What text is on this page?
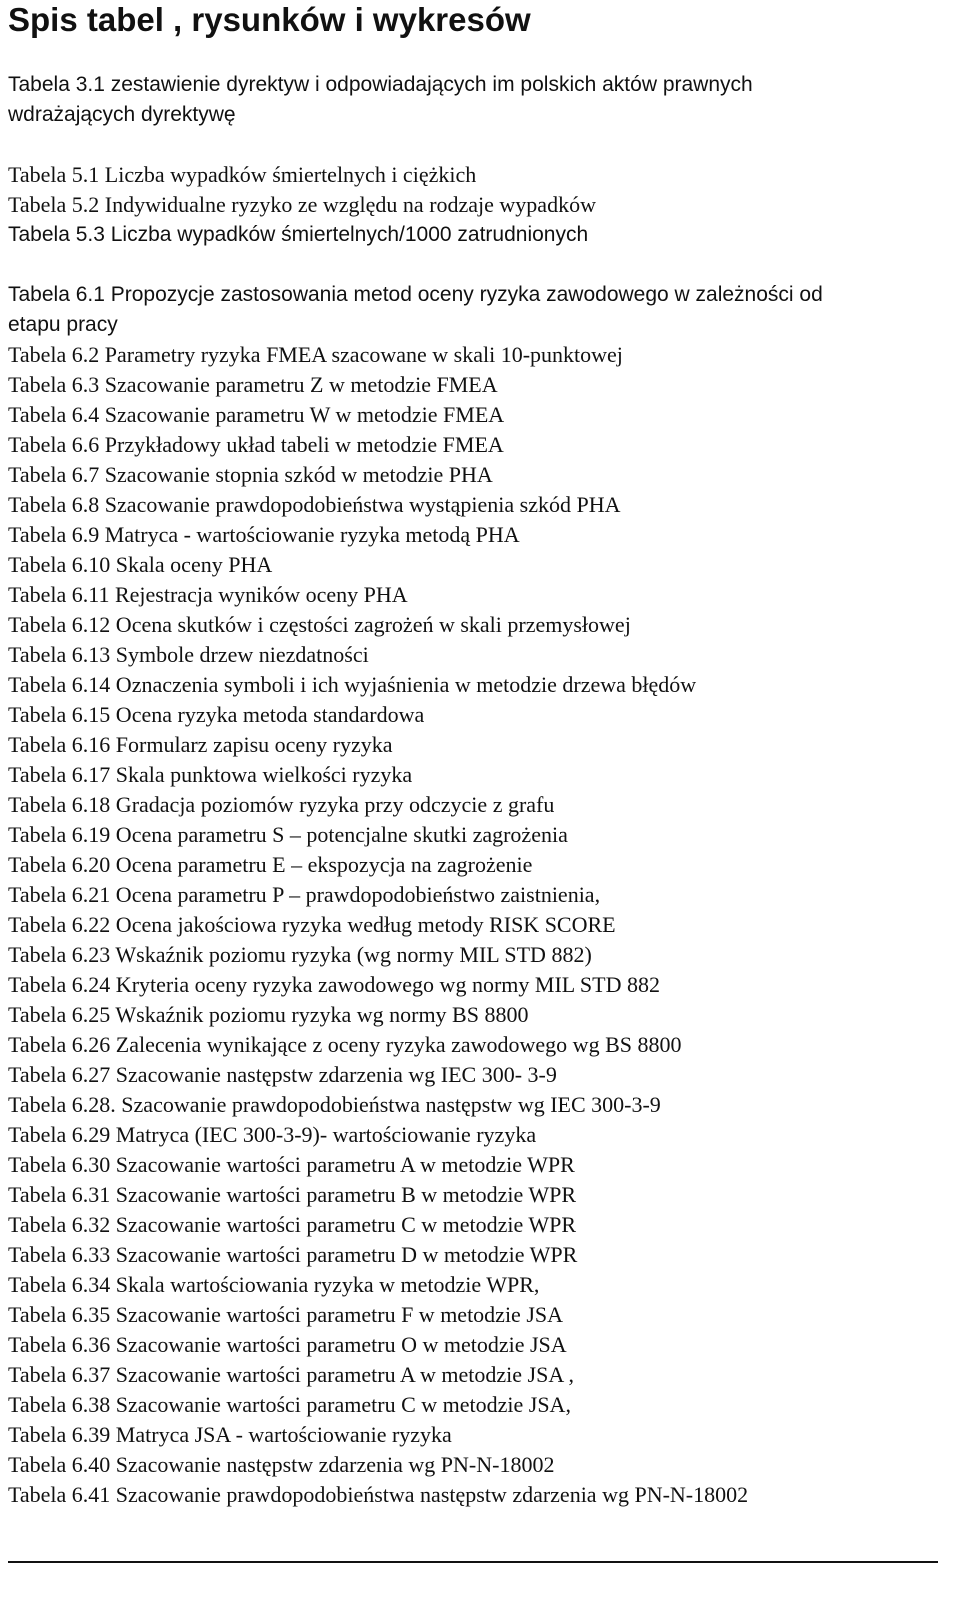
Spis tabel , rysunków i wykresów
Tabela 3.1 zestawienie dyrektyw i odpowiadających im polskich aktów prawnych
wdrażających dyrektywę
Tabela 5.1 Liczba wypadków śmiertelnych i ciężkich
Tabela 5.2 Indywidualne ryzyko ze względu na rodzaje wypadków
Tabela 5.3 Liczba wypadków śmiertelnych/1000 zatrudnionych
Tabela 6.1 Propozycje zastosowania metod oceny ryzyka zawodowego w zależności od
etapu pracy
Tabela 6.2 Parametry ryzyka FMEA szacowane w skali 10-punktowej
Tabela 6.3 Szacowanie parametru Z w metodzie FMEA
Tabela 6.4 Szacowanie parametru W w metodzie FMEA
Tabela 6.6 Przykładowy układ tabeli w metodzie FMEA
Tabela 6.7 Szacowanie stopnia szkód w metodzie PHA
Tabela 6.8 Szacowanie prawdopodobieństwa wystąpienia szkód PHA
Tabela 6.9 Matryca - wartościowanie ryzyka metodą PHA
Tabela 6.10 Skala oceny PHA
Tabela 6.11 Rejestracja wyników oceny PHA
Tabela 6.12 Ocena skutków i częstości zagrożeń w skali przemysłowej
Tabela 6.13 Symbole drzew niezdatności
Tabela 6.14 Oznaczenia symboli i ich wyjaśnienia w metodzie drzewa błędów
Tabela 6.15 Ocena ryzyka metoda standardowa
Tabela 6.16 Formularz zapisu oceny ryzyka
Tabela 6.17 Skala punktowa wielkości ryzyka
Tabela 6.18 Gradacja poziomów ryzyka przy odczycie z grafu
Tabela 6.19 Ocena parametru S – potencjalne skutki zagrożenia
Tabela 6.20 Ocena parametru E – ekspozycja na zagrożenie
Tabela 6.21 Ocena parametru P – prawdopodobieństwo zaistnienia,
Tabela 6.22 Ocena jakościowa ryzyka według metody RISK SCORE
Tabela 6.23 Wskaźnik poziomu ryzyka (wg normy MIL STD 882)
Tabela 6.24 Kryteria oceny ryzyka zawodowego wg normy MIL STD 882
Tabela 6.25 Wskaźnik poziomu ryzyka wg normy BS 8800
Tabela 6.26 Zalecenia wynikające z oceny ryzyka zawodowego wg BS 8800
Tabela 6.27 Szacowanie następstw zdarzenia wg IEC 300- 3-9
Tabela 6.28. Szacowanie prawdopodobieństwa następstw wg IEC 300-3-9
Tabela 6.29 Matryca (IEC 300-3-9)- wartościowanie ryzyka
Tabela 6.30 Szacowanie wartości parametru A w metodzie WPR
Tabela 6.31 Szacowanie wartości parametru B w metodzie WPR
Tabela 6.32 Szacowanie wartości parametru C w metodzie WPR
Tabela 6.33 Szacowanie wartości parametru D w metodzie WPR
Tabela 6.34 Skala wartościowania ryzyka w metodzie WPR,
Tabela 6.35 Szacowanie wartości parametru F w metodzie JSA
Tabela 6.36 Szacowanie wartości parametru O w metodzie JSA
Tabela 6.37 Szacowanie wartości parametru A w metodzie JSA ,
Tabela 6.38 Szacowanie wartości parametru C w metodzie JSA,
Tabela 6.39 Matryca JSA - wartościowanie ryzyka
Tabela 6.40 Szacowanie następstw zdarzenia wg PN-N-18002
Tabela 6.41 Szacowanie prawdopodobieństwa następstw zdarzenia wg PN-N-18002
